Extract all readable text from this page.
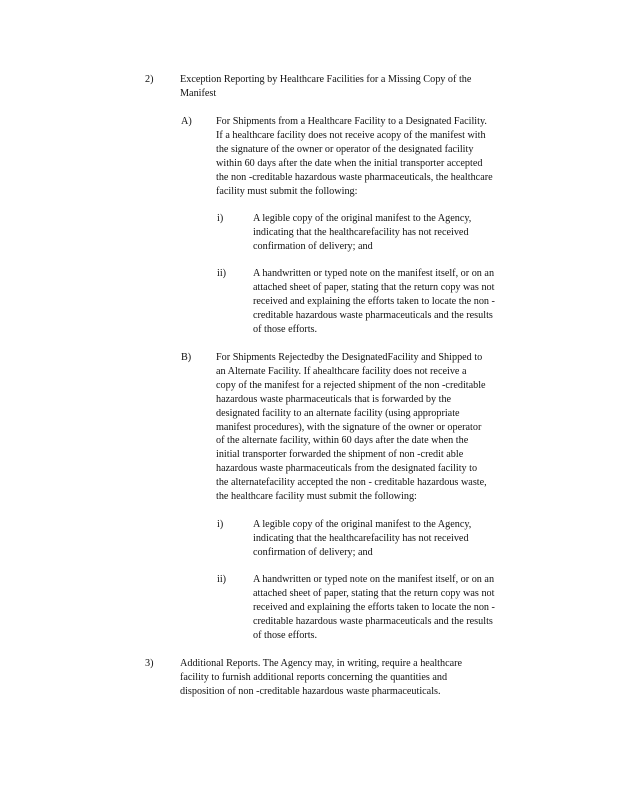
2)	Exception Reporting by Healthcare Facilities for a Missing Copy of the
Manifest
A) For Shipments from a Healthcare Facility to a Designated Facility.
If a healthcare facility does not receive acopy of the manifest with
the signature of the owner or operator of the designated facility
within 60 days after the date when the initial transporter accepted
the non -creditable hazardous waste pharmaceuticals, the healthcare
facility must submit the following:
i)	A legible copy of the original manifest to the Agency,
indicating that the healthcarefacility has not received
confirmation of delivery; and
ii)	A handwritten or typed note on the manifest itself, or on an
attached sheet of paper, stating that the return copy was not
received and explaining the efforts taken to locate the non -
creditable hazardous waste pharmaceuticals and the results
of those efforts.
B) For Shipments Rejectedby the DesignatedFacility and Shipped to
an Alternate Facility. If ahealthcare facility does not receive a
copy of the manifest for a rejected shipment of the non -creditable
hazardous waste pharmaceuticals that is forwarded by the
designated facility to an alternate facility (using appropriate
manifest procedures), with the signature of the owner or operator
of the alternate facility, within 60 days after the date when the
initial transporter forwarded the shipment of non -credit able
hazardous waste pharmaceuticals from the designated facility to
the alternatefacility accepted the non - creditable hazardous waste,
the healthcare facility must submit the following:
i)	A legible copy of the original manifest to the Agency,
indicating that the healthcarefacility has not received
confirmation of delivery; and
ii)	A handwritten or typed note on the manifest itself, or on an
attached sheet of paper, stating that the return copy was not
received and explaining the efforts taken to locate the non -
creditable hazardous waste pharmaceuticals and the results
of those efforts.
3)	Additional Reports. The Agency may, in writing, require a healthcare
facility to furnish additional reports concerning the quantities and
disposition of non -creditable hazardous waste pharmaceuticals.
